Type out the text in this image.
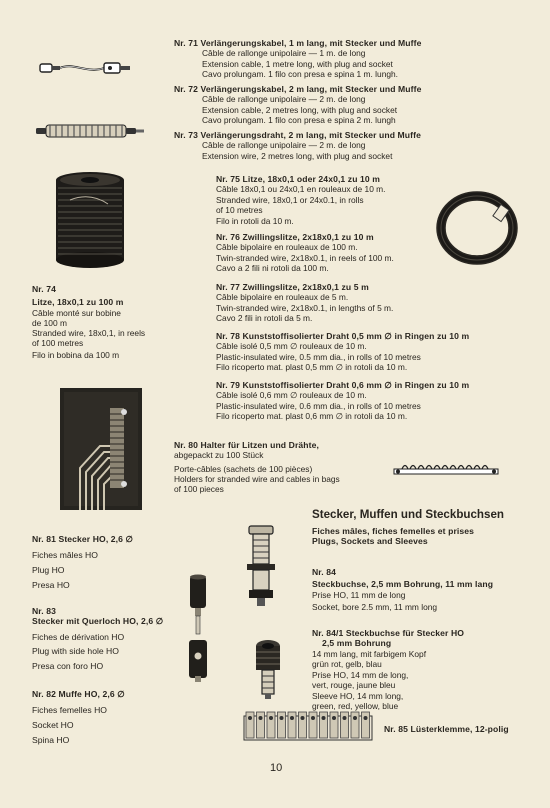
Nr. 71 Verlängerungskabel, 1 m lang, mit Stecker und Muffe
Câble de rallonge unipolaire — 1 m. de long
Extension cable, 1 metre long, with plug and socket
Cavo prolungam. 1 filo con presa e spina 1 m. lungh.
Nr. 72 Verlängerungskabel, 2 m lang, mit Stecker und Muffe
Câble de rallonge unipolaire — 2 m. de long
Extension cable, 2 metres long, with plug and socket
Cavo prolungam. 1 filo con presa e spina 2 m. lungh
Nr. 73 Verlängerungsdraht, 2 m lang, mit Stecker und Muffe
Câble de rallonge unipolaire — 2 m. de long
Extension wire, 2 metres long, with plug and socket
Nr. 75 Litze, 18x0,1 oder 24x0,1 zu 10 m
Câble 18x0,1 ou 24x0,1 en rouleaux de 10 m.
Stranded wire, 18x0,1 or 24x0.1, in rolls
of 10 metres
Filo in rotoli da 10 m.
Nr. 76 Zwillingslitze, 2x18x0,1 zu 10 m
Câble bipolaire en rouleaux de 100 m.
Twin-stranded wire, 2x18x0.1, in reels of 100 m.
Cavo a 2 fili ni rotoli da 100 m.
Nr. 77 Zwillingslitze, 2x18x0,1 zu 5 m
Câble bipolaire en rouleaux de 5 m.
Twin-stranded wire, 2x18x0.1, in lengths of 5 m.
Cavo 2 fili in rotoli da 5 m.
Nr. 78 Kunststoffisolierter Draht 0,5 mm ∅ in Ringen zu 10 m
Câble isolé 0,5 mm ∅ rouleaux de 10 m.
Plastic-insulated wire, 0.5 mm dia., in rolls of 10 metres
Filo ricoperto mat. plast 0,5 mm ∅ in rotoli da 10 m.
Nr. 79 Kunststoffisolierter Draht 0,6 mm ∅ in Ringen zu 10 m
Câble isolé 0,6 mm ∅ rouleaux de 10 m.
Plastic-insulated wire, 0.6 mm dia., in rolls of 10 metres
Filo ricoperto mat. plast 0,6 mm ∅ in rotoli da 10 m.
Nr. 74
Litze, 18x0,1 zu 100 m
Câble monté sur bobine
de 100 m
Stranded wire, 18x0,1, in reels
of 100 metres
Filo in bobina da 100 m
Nr. 80 Halter für Litzen und Drähte,
abgepackt zu 100 Stück
Porte-câbles (sachets de 100 pièces)
Holders for stranded wire and cables in bags
of 100 pieces
Stecker, Muffen und Steckbuchsen
Fiches mâles, fiches femelles et prises
Plugs, Sockets and Sleeves
Nr. 81 Stecker HO, 2,6 ∅
Fiches mâles HO
Plug HO
Presa HO
Nr. 83
Stecker mit Querloch HO, 2,6 ∅
Fiches de dérivation HO
Plug with side hole HO
Presa con foro HO
Nr. 82 Muffe HO, 2,6 ∅
Fiches femelles HO
Socket HO
Spina HO
Nr. 84
Steckbuchse, 2,5 mm Bohrung, 11 mm lang
Prise HO, 11 mm de long
Socket, bore 2.5 mm, 11 mm long
Nr. 84/1 Steckbuchse für Stecker HO
2,5 mm Bohrung
14 mm lang, mit farbigem Kopf
grün rot, gelb, blau
Prise HO, 14 mm de long,
vert, rouge, jaune bleu
Sleeve HO, 14 mm long,
green, red, yellow, blue
Nr. 85 Lüsterklemme, 12-polig
10
